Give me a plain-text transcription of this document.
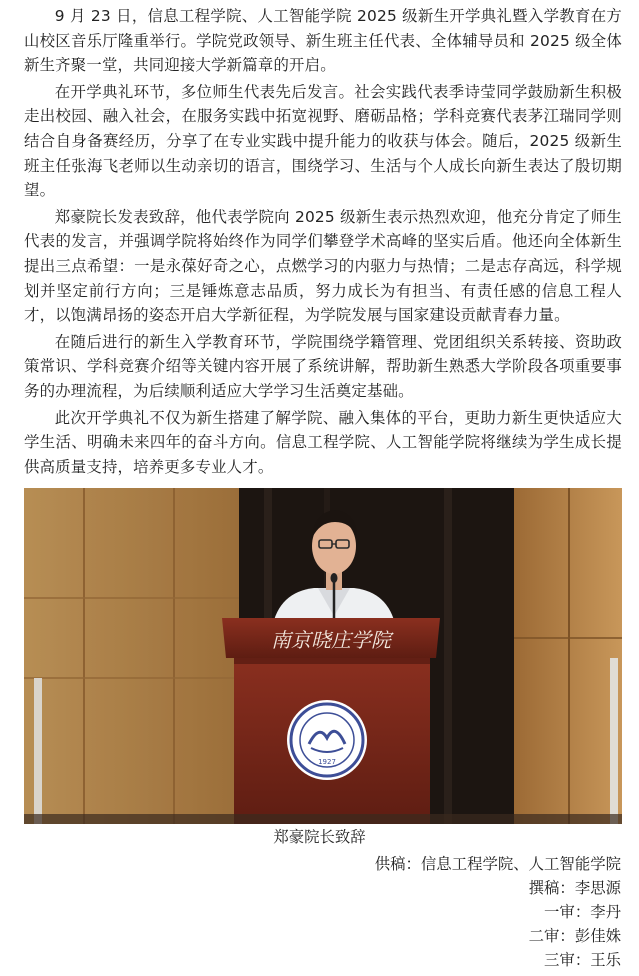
9 月 23 日，信息工程学院、人工智能学院 2025 级新生开学典礼暨入学教育在方山校区音乐厅隆重举行。学院党政领导、新生班主任代表、全体辅导员和 2025 级全体新生齐聚一堂，共同迎接大学新篇章的开启。

在开学典礼环节，多位师生代表先后发言。社会实践代表季诗莹同学鼓励新生积极走出校园、融入社会，在服务实践中拓宽视野、磨砺品格；学科竞赛代表茅江瑞同学则结合自身备赛经历，分享了在专业实践中提升能力的收获与体会。随后，2025 级新生班主任张海飞老师以生动亲切的语言，围绕学习、生活与个人成长向新生表达了殷切期望。

郑豪院长发表致辞，他代表学院向 2025 级新生表示热烈欢迎，他充分肯定了师生代表的发言，并强调学院将始终作为同学们攀登学术高峰的坚实后盾。他还向全体新生提出三点希望：一是永葆好奇之心，点燃学习的内驱力与热情；二是志存高远，科学规划并坚定前行方向；三是锤炼意志品质，努力成长为有担当、有责任感的信息工程人才，以饱满昂扬的姿态开启大学新征程，为学院发展与国家建设贡献青春力量。

在随后进行的新生入学教育环节，学院围绕学籍管理、党团组织关系转接、资助政策常识、学科竞赛介绍等关键内容开展了系统讲解，帮助新生熟悉大学阶段各项重要事务的办理流程，为后续顺利适应大学学习生活奠定基础。

此次开学典礼不仅为新生搭建了解学院、融入集体的平台，更助力新生更快适应大学生活、明确未来四年的奋斗方向。信息工程学院、人工智能学院将继续为学生成长提供高质量支持，培养更多专业人才。

南京晓庄学院
1927
郑豪院长致辞
供稿：信息工程学院、人工智能学院
撰稿：李思源
一审：李丹
二审：彭佳姝
三审：王乐
